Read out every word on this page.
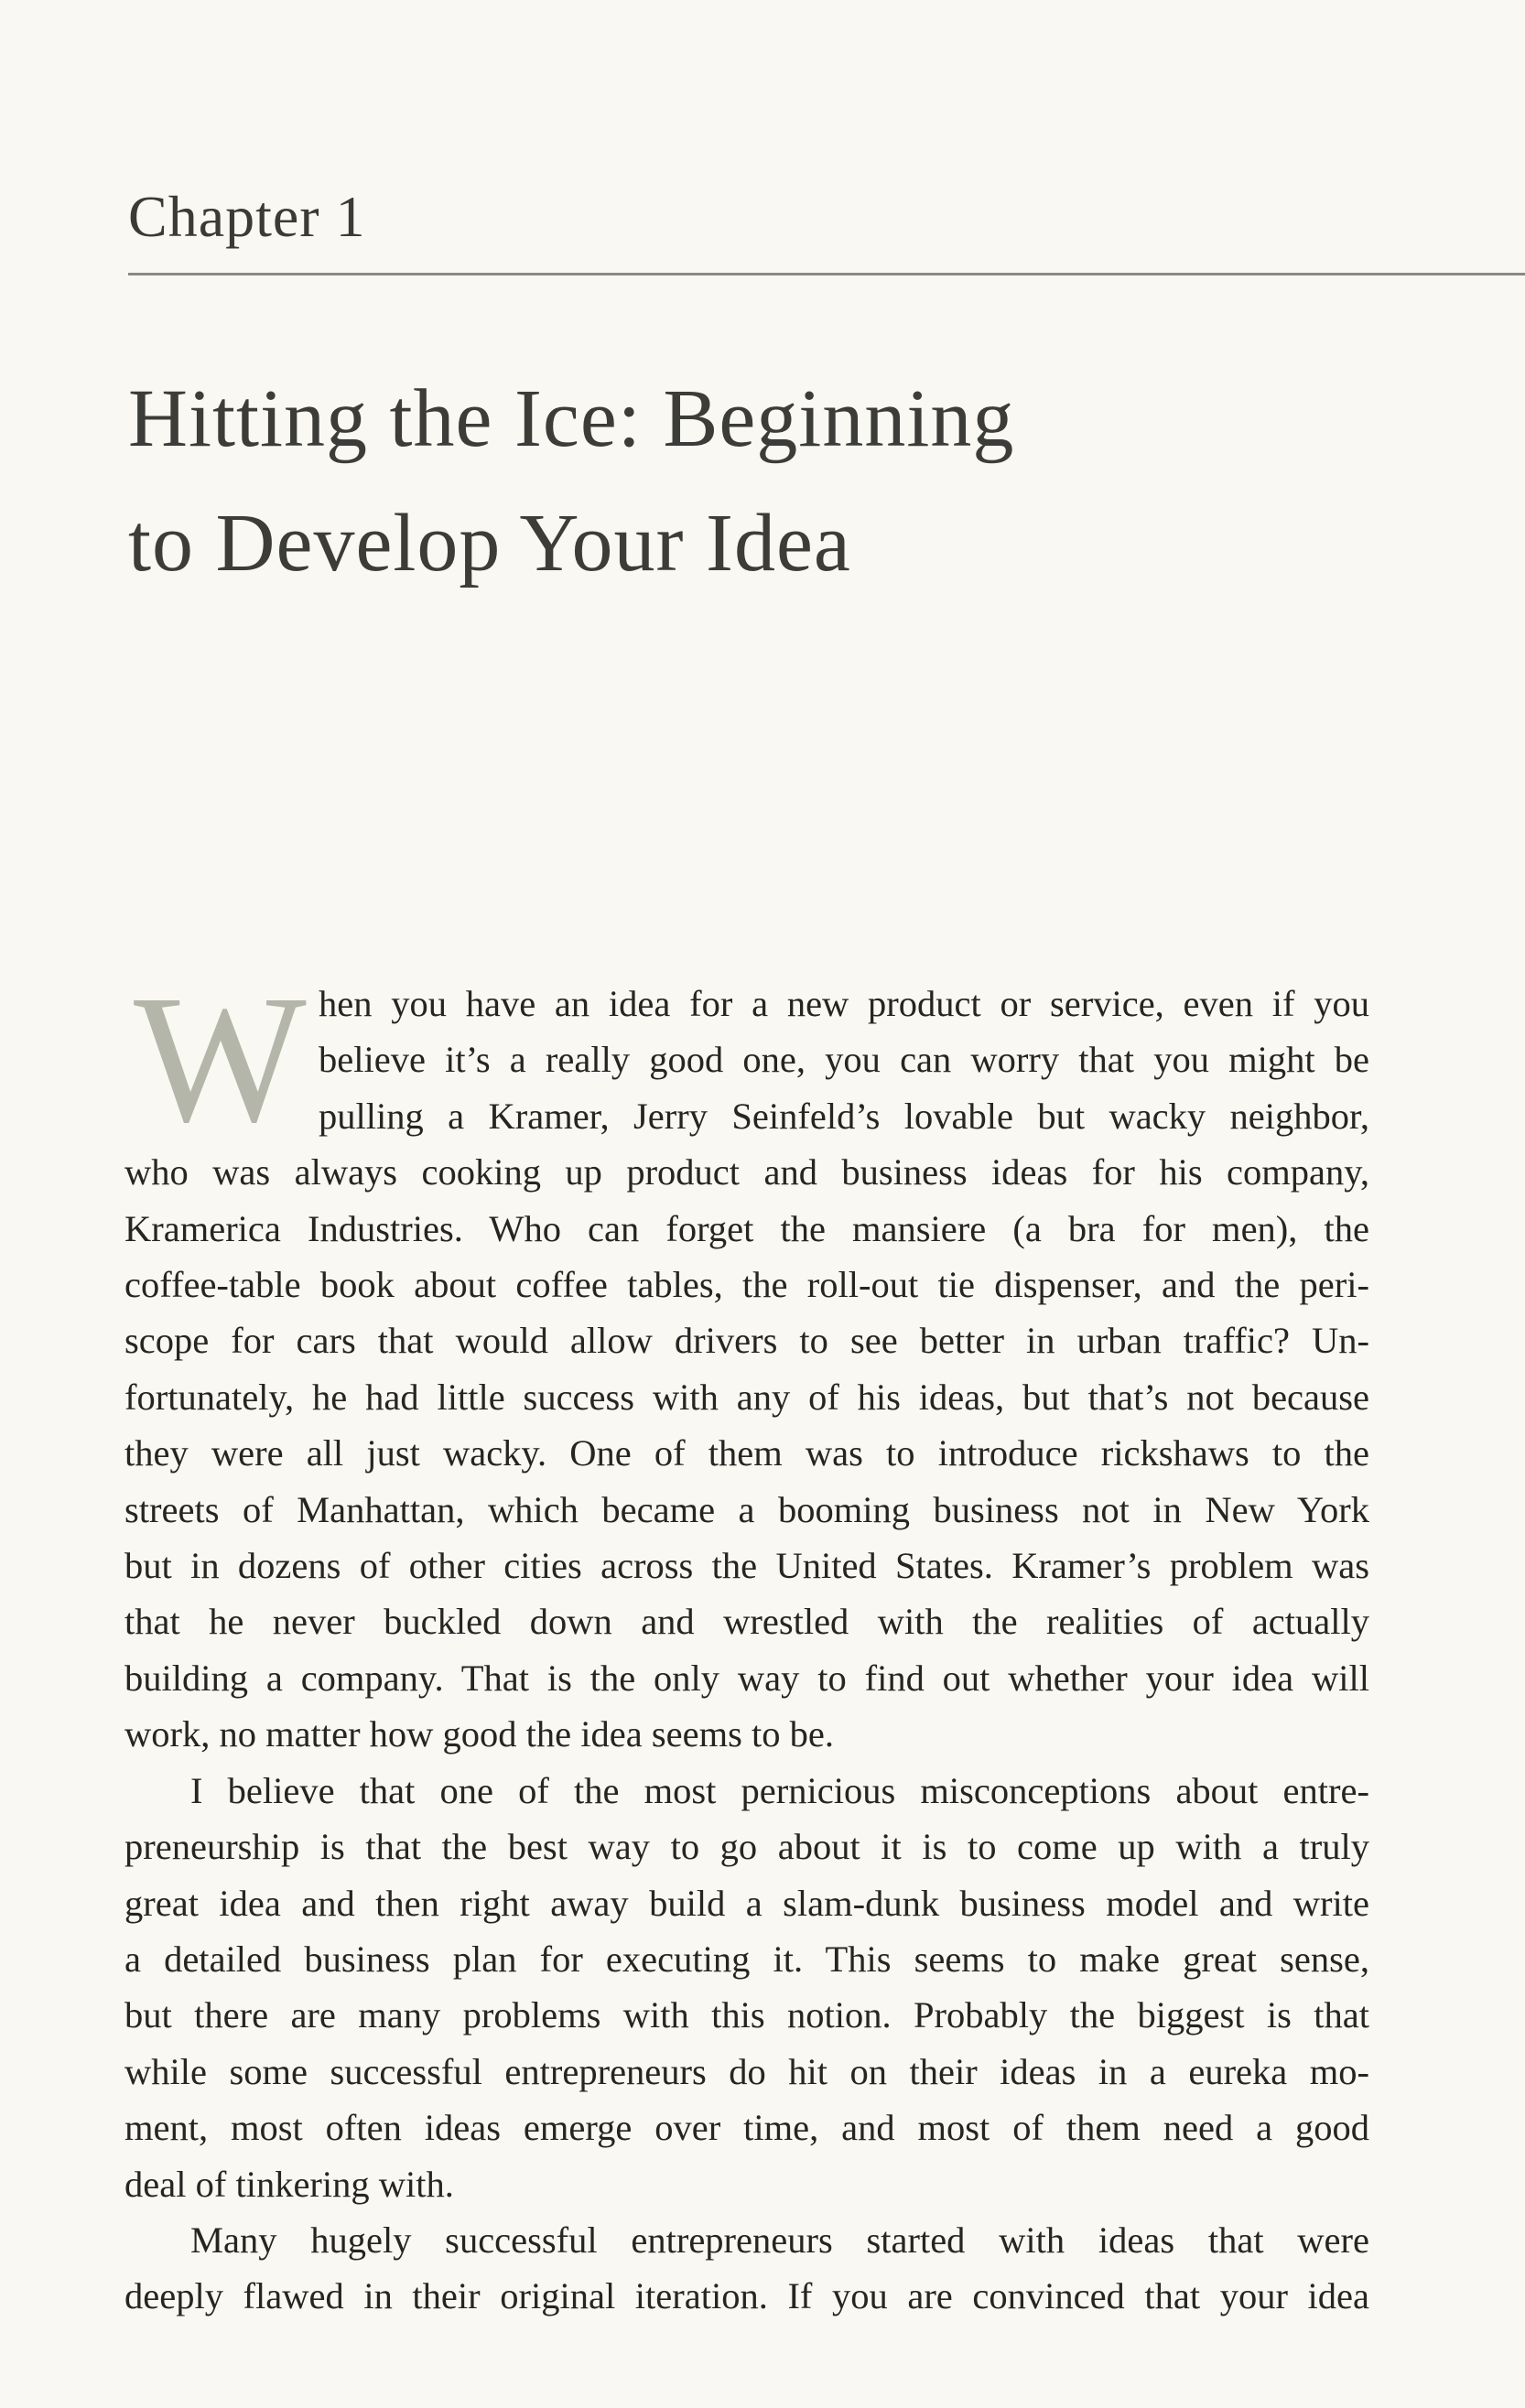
Chapter 1
Hitting the Ice: Beginning
to Develop Your Idea
W hen you have an idea for a new product or service, even if you
believe it’s a really good one, you can worry that you might be
pulling a Kramer, Jerry Seinfeld’s lovable but wacky neighbor,
who was always cooking up product and business ideas for his company,
Kramerica Industries. Who can forget the mansiere (a bra for men), the
coffee-table book about coffee tables, the roll-out tie dispenser, and the peri-
scope for cars that would allow drivers to see better in urban traffic? Un-
fortunately, he had little success with any of his ideas, but that’s not because
they were all just wacky. One of them was to introduce rickshaws to the
streets of Manhattan, which became a booming business not in New York
but in dozens of other cities across the United States. Kramer’s problem was
that he never buckled down and wrestled with the realities of actually
building a company. That is the only way to find out whether your idea will
work, no matter how good the idea seems to be.
I believe that one of the most pernicious misconceptions about entre-
preneurship is that the best way to go about it is to come up with a truly
great idea and then right away build a slam-dunk business model and write
a detailed business plan for executing it. This seems to make great sense,
but there are many problems with this notion. Probably the biggest is that
while some successful entrepreneurs do hit on their ideas in a eureka mo-
ment, most often ideas emerge over time, and most of them need a good
deal of tinkering with.
Many hugely successful entrepreneurs started with ideas that were
deeply flawed in their original iteration. If you are convinced that your idea
